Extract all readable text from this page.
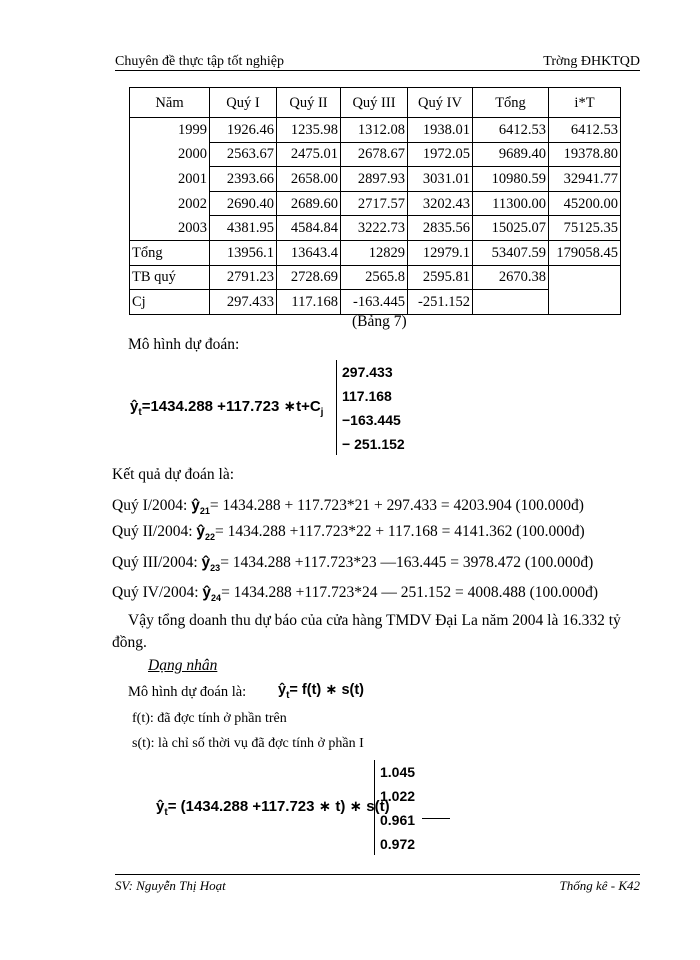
Chuyên đề thực tập tốt nghiệp	Trờng ĐHKTQD
Năm	Quý I	Quý II	Quý III	Quý IV	Tổng	i*T
1999	1926.46	1235.98	1312.08	1938.01	6412.53	6412.53
2000	2563.67	2475.01	2678.67	1972.05	9689.40	19378.80
2001	2393.66	2658.00	2897.93	3031.01	10980.59	32941.77
2002	2690.40	2689.60	2717.57	3202.43	11300.00	45200.00
2003	4381.95	4584.84	3222.73	2835.56	15025.07	75125.35
Tổng	13956.1	13643.4	12829	12979.1	53407.59	179058.45
TB quý	2791.23	2728.69	2565.8	2595.81	2670.38	
Cj	297.433	117.168	-163.445	-251.152		
(Bảng 7)
Mô hình dự đoán:
$ŷ_t=1434.288 +117.723$ $∗t+C_j$
297.433
117.168
−163.445
− 251.152
Kết quả dự đoán là:
Quý I/2004: $ŷ_{21}= 1434.288 + 117.723*21 + 297.433 = 4203.904$ (100.000đ)
Quý II/2004: $ŷ_{22}= 1434.288 +117.723*22 + 117.168 = 4141.362$ (100.000đ)
Quý III/2004: $ŷ_{23}= 1434.288 +117.723*23$ —163.445 = 3978.472 (100.000đ)
Quý IV/2004: $ŷ_{24}= 1434.288 +117.723*24$ — 251.152 = 4008.488 (100.000đ)
Vậy tổng doanh thu dự báo của cửa hàng TMDV Đại La năm 2004 là 16.332 tỷ
đồng.
Dạng nhân
Mô hình dự đoán là: $ŷ_t= f(t)$ ∗ s(t)
f(t): đã đợc tính ở phần trên
s(t): là chỉ số thời vụ đã đợc tính ở phần I
$ŷ_t= (1434.288 +117.723$ ∗ t) ∗ s(t)
1.045
1.022
0.961
0.972
SV: Nguyễn Thị Hoạt	Thống kê - K42
